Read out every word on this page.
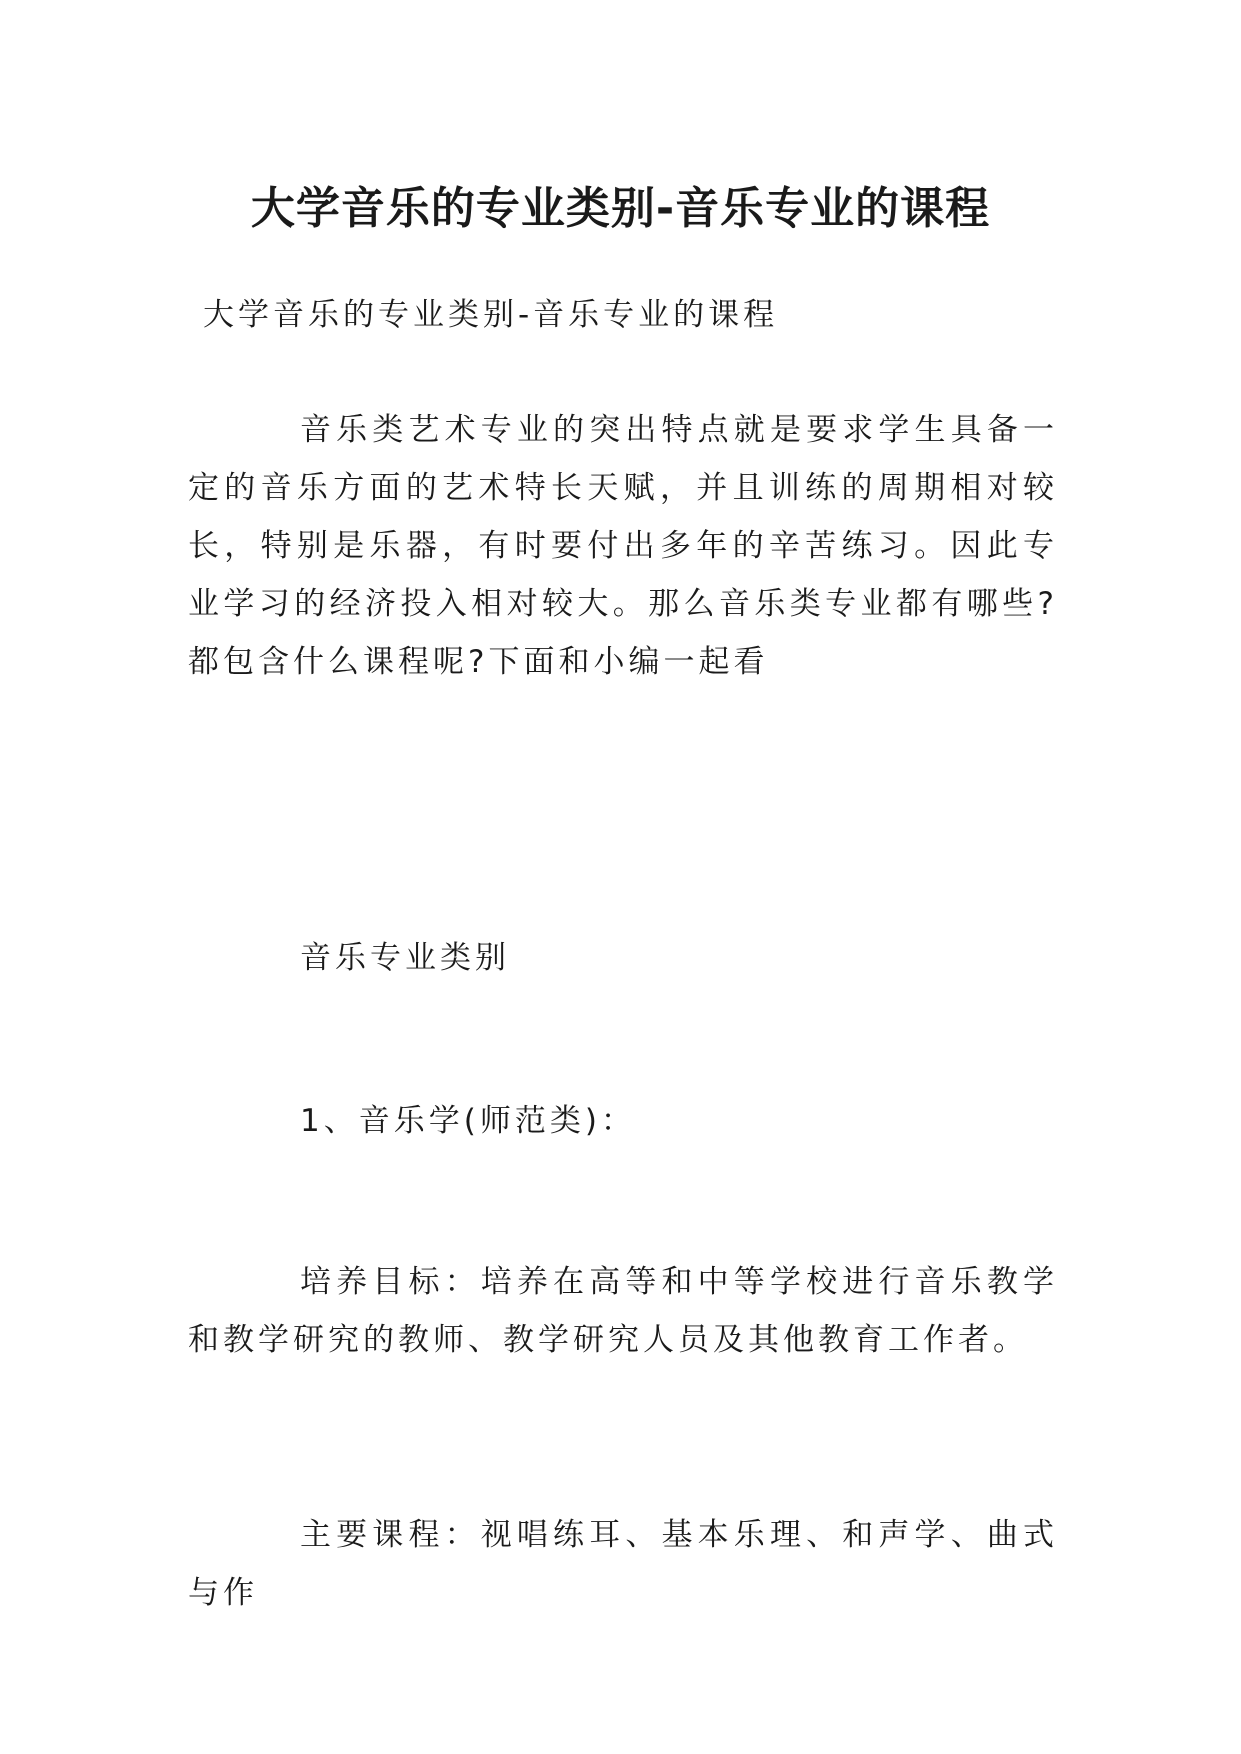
大学音乐的专业类别-音乐专业的课程

大学音乐的专业类别-音乐专业的课程

音乐类艺术专业的突出特点就是要求学生具备一定的音乐方面的艺术特长天赋，并且训练的周期相对较长，特别是乐器，有时要付出多年的辛苦练习。因此专业学习的经济投入相对较大。那么音乐类专业都有哪些?都包含什么课程呢?下面和小编一起看

音乐专业类别

1、音乐学(师范类)：

培养目标：培养在高等和中等学校进行音乐教学和教学研究的教师、教学研究人员及其他教育工作者。

主要课程：视唱练耳、基本乐理、和声学、曲式与作
